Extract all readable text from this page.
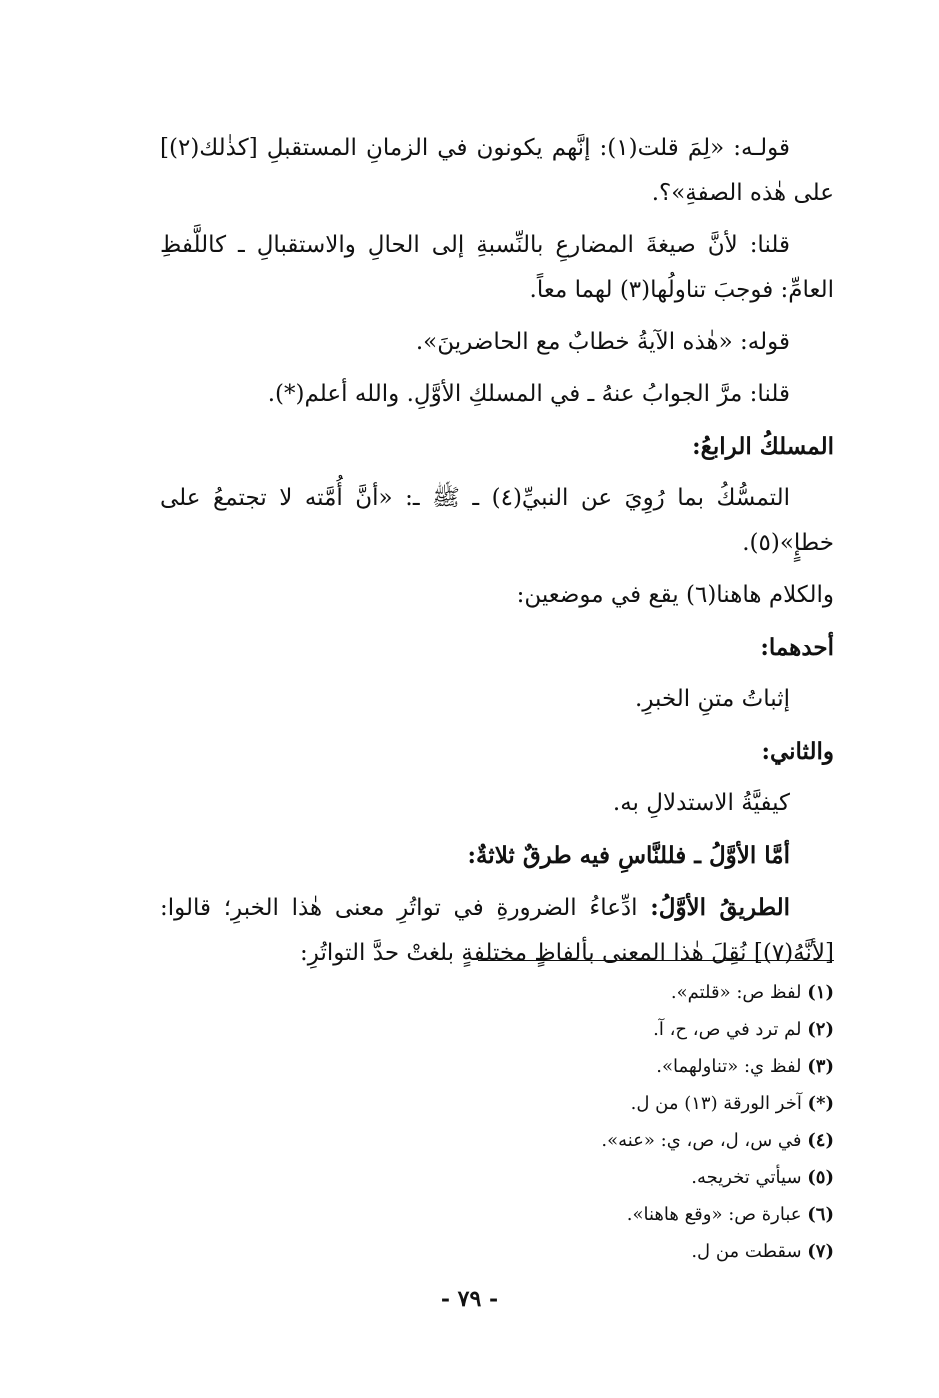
قولـه: «لِمَ قلت(١): إنَّهم يكونون في الزمانِ المستقبلِ [كذٰلك(٢)] على هٰذه الصفةِ»؟.

قلنا: لأنَّ صيغةَ المضارعِ بالنِّسبةِ إلى الحالِ والاستقبالِ ـ كاللَّفظِ العامِّ: فوجبَ تناولُها(٣) لهما معاً.

قوله: «هٰذه الآيةُ خطابٌ مع الحاضرينَ».

قلنا: مرَّ الجوابُ عنهُ ـ في المسلكِ الأوَّلِ. والله أعلم(*).

المسلكُ الرابعُ:

التمسُّكُ بما رُوِيَ عن النبيِّ(٤) ـ ﷺ ـ: «أنَّ أُمَّته لا تجتمعُ على خطإٍ»(٥).

والكلام هاهنا(٦) يقع في موضعين:

أحدهما:

إثباتُ متنِ الخبرِ.

والثاني:

كيفيَّةُ الاستدلالِ به.

أمَّا الأوَّلُ ـ فللنَّاسِ فيه طرقٌ ثلاثةٌ:

الطريقُ الأوَّلُ: ادِّعاءُ الضرورةِ في تواتُرِ معنى هٰذا الخبرِ؛ قالوا: [لأنَّهُ(٧)] نُقِلَ هٰذا المعنى بألفاظٍ مختلفةٍ بلغتْ حدَّ التواتُرِ:

(١) لفظ ص: «قلتم».

(٢) لم ترد في ص، ح، آ.

(٣) لفظ ي: «تناولهما».

(*) آخر الورقة (١٣) من ل.

(٤) في س، ل، ص، ي: «عنه».

(٥) سيأتي تخريجه.

(٦) عبارة ص: «وقع هاهنا».

(٧) سقطت من ل.

- ٧٩ -
